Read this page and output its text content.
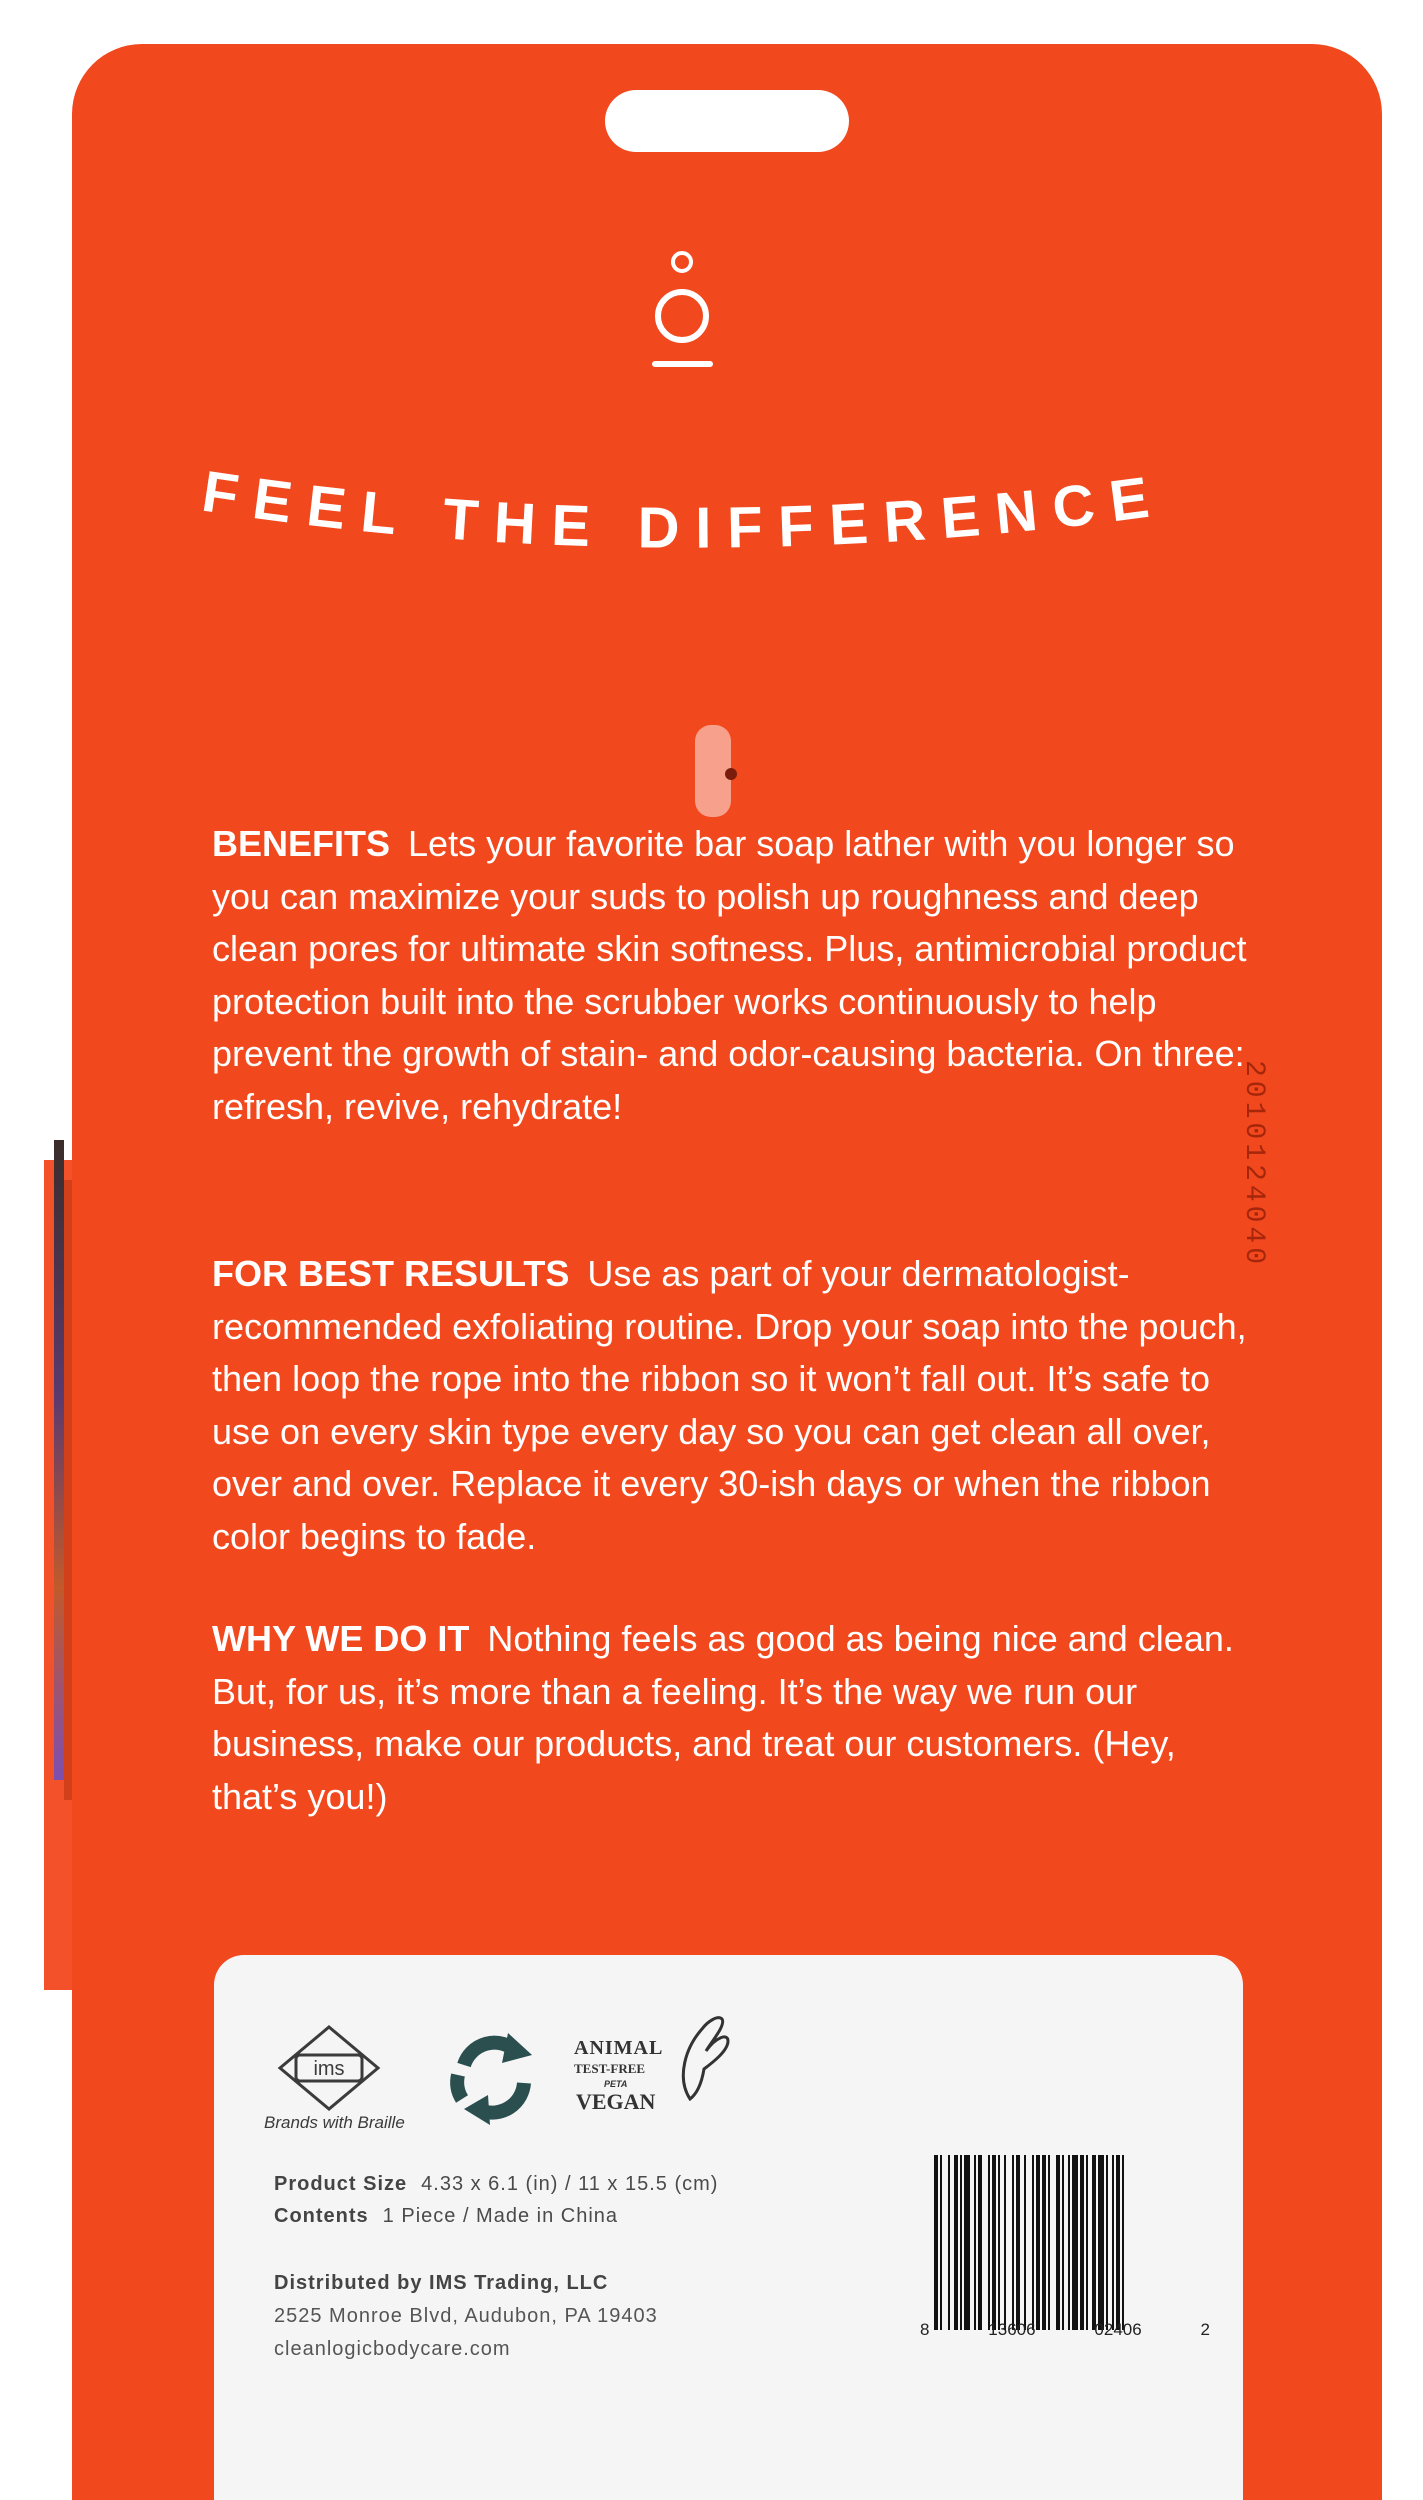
FEEL THE DIFFERENCE
BENEFITS Lets your favorite bar soap lather with you longer so you can maximize your suds to polish up roughness and deep clean pores for ultimate skin softness. Plus, antimicrobial product protection built into the scrubber works continuously to help prevent the growth of stain- and odor-causing bacteria. On three: refresh, revive, rehydrate!
FOR BEST RESULTS Use as part of your dermatologist-recommended exfoliating routine. Drop your soap into the pouch, then loop the rope into the ribbon so it won’t fall out. It’s safe to use on every skin type every day so you can get clean all over, over and over. Replace it every 30-ish days or when the ribbon color begins to fade.
WHY WE DO IT Nothing feels as good as being nice and clean. But, for us, it’s more than a feeling. It’s the way we run our business, make our products, and treat our customers. (Hey, that’s you!)
2010124040
ims
Brands with Braille
ANIMAL
TEST-FREE
PETA
VEGAN
Product Size 4.33 x 6.1 (in) / 11 x 15.5 (cm)
Contents 1 Piece / Made in China
Distributed by IMS Trading, LLC
2525 Monroe Blvd, Audubon, PA 19403
cleanlogicbodycare.com
8	13606	02406	2
